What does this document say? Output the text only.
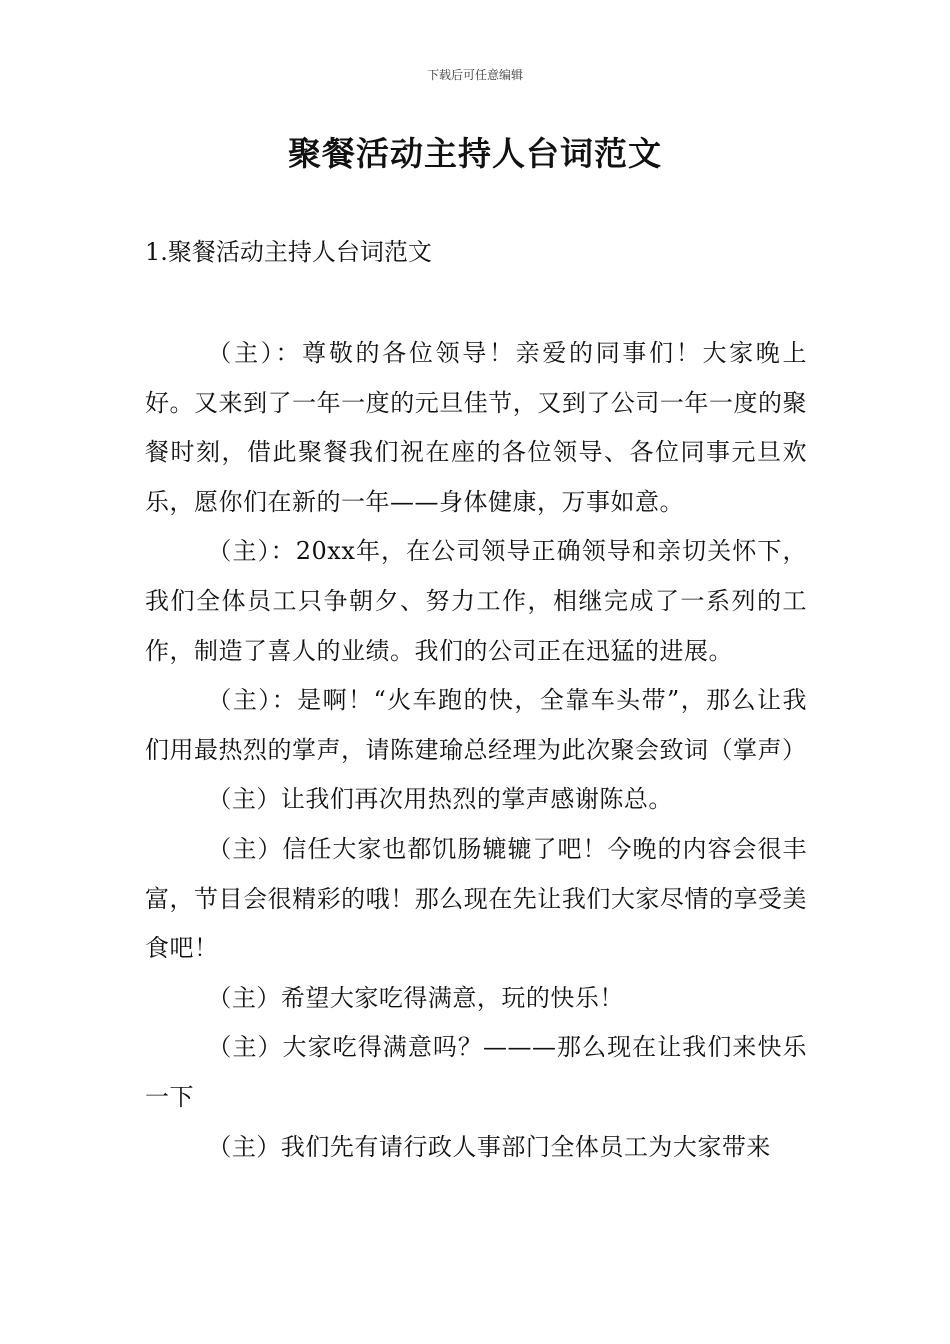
下载后可任意编辑
聚餐活动主持人台词范文
1.聚餐活动主持人台词范文

（主）：尊敬的各位领导！亲爱的同事们！大家晚上好。又来到了一年一度的元旦佳节，又到了公司一年一度的聚餐时刻，借此聚餐我们祝在座的各位领导、各位同事元旦欢乐，愿你们在新的一年——身体健康，万事如意。

（主）：20xx年，在公司领导正确领导和亲切关怀下，我们全体员工只争朝夕、努力工作，相继完成了一系列的工作，制造了喜人的业绩。我们的公司正在迅猛的进展。

（主）：是啊！“火车跑的快，全靠车头带”，那么让我们用最热烈的掌声，请陈建瑜总经理为此次聚会致词（掌声）

（主）让我们再次用热烈的掌声感谢陈总。

（主）信任大家也都饥肠辘辘了吧！今晚的内容会很丰富，节目会很精彩的哦！那么现在先让我们大家尽情的享受美食吧！

（主）希望大家吃得满意，玩的快乐！

（主）大家吃得满意吗？———那么现在让我们来快乐一下

（主）我们先有请行政人事部门全体员工为大家带来
